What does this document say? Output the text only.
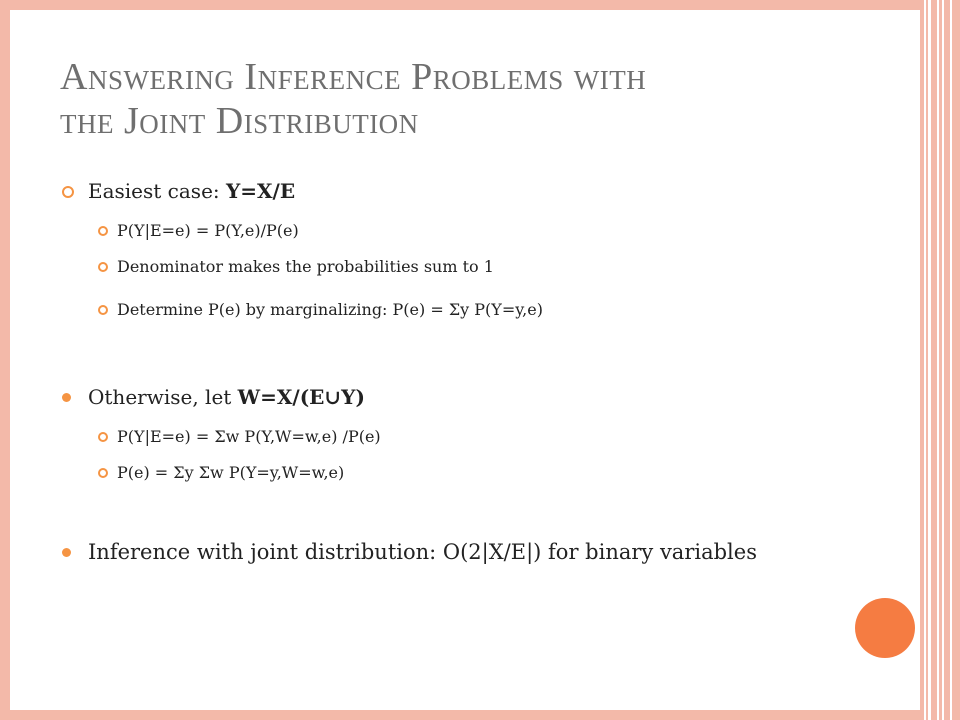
Answering Inference Problems with
the Joint Distribution
Easiest case: Y=X/E
P(Y|E=e) = P(Y,e)/P(e)
Denominator makes the probabilities sum to 1
Determine P(e) by marginalizing: P(e) = Σy P(Y=y,e)
Otherwise, let W=X/(E∪Y)
P(Y|E=e) = Σw P(Y,W=w,e) /P(e)
P(e) = Σy Σw P(Y=y,W=w,e)
Inference with joint distribution: O(2|X/E|) for binary variables
